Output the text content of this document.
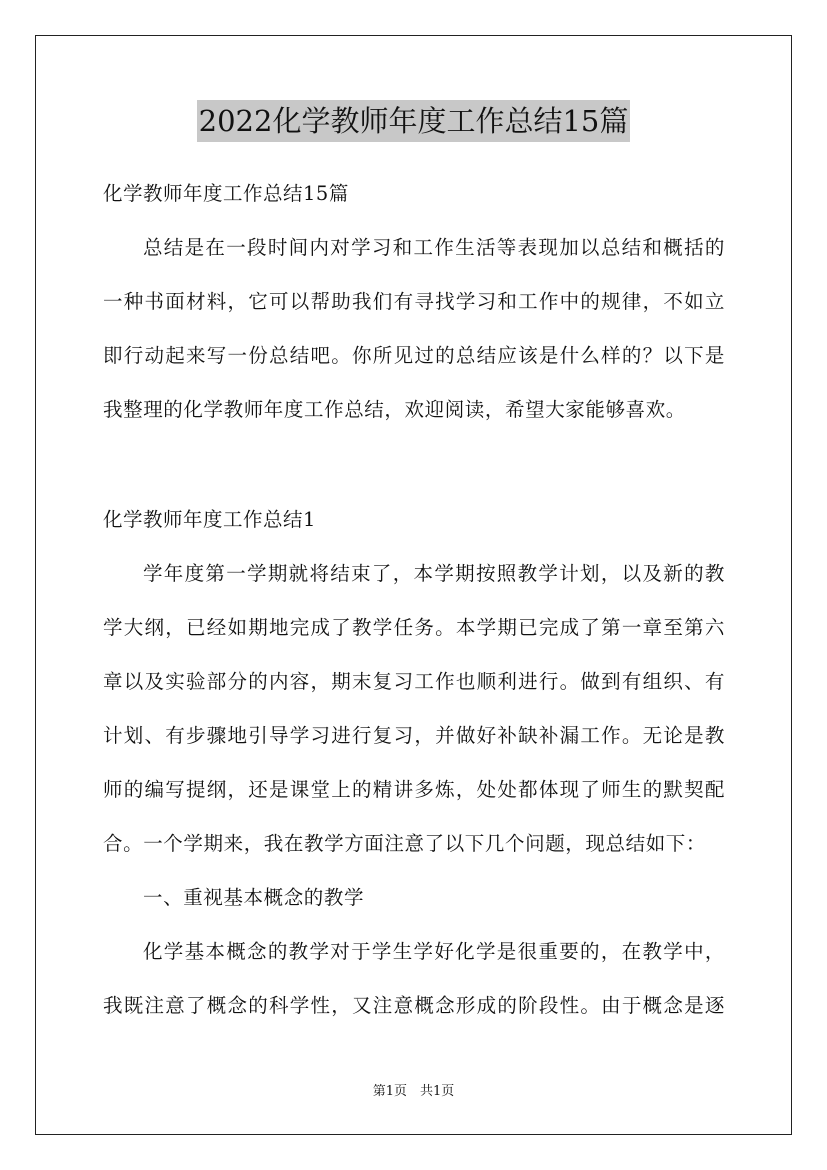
2022化学教师年度工作总结15篇
化学教师年度工作总结15篇
总结是在一段时间内对学习和工作生活等表现加以总结和概括的
一种书面材料，它可以帮助我们有寻找学习和工作中的规律，不如立
即行动起来写一份总结吧。你所见过的总结应该是什么样的？以下是
我整理的化学教师年度工作总结，欢迎阅读，希望大家能够喜欢。
化学教师年度工作总结1
学年度第一学期就将结束了，本学期按照教学计划，以及新的教
学大纲，已经如期地完成了教学任务。本学期已完成了第一章至第六
章以及实验部分的内容，期末复习工作也顺利进行。做到有组织、有
计划、有步骤地引导学习进行复习，并做好补缺补漏工作。无论是教
师的编写提纲，还是课堂上的精讲多炼，处处都体现了师生的默契配
合。一个学期来，我在教学方面注意了以下几个问题，现总结如下：
一、重视基本概念的教学
化学基本概念的教学对于学生学好化学是很重要的，在教学中，
我既注意了概念的科学性，又注意概念形成的阶段性。由于概念是逐
第1页　共1页
